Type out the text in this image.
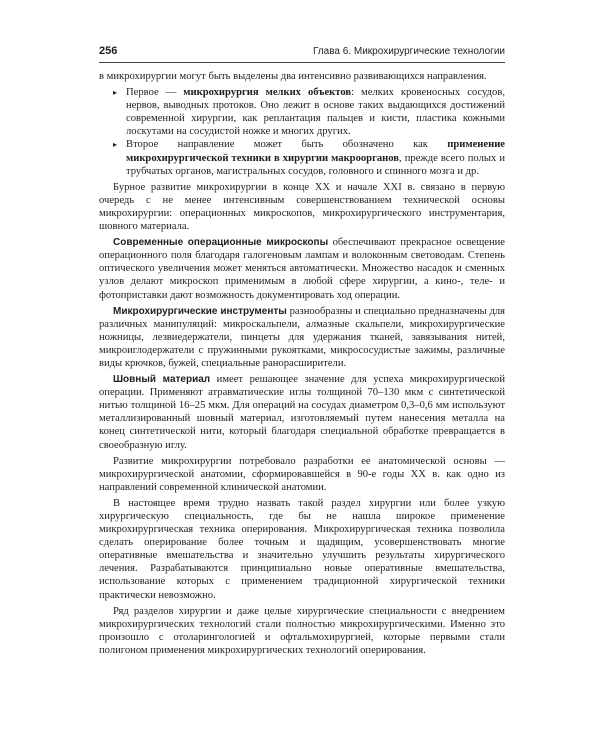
256	Глава 6. Микрохирургические технологии

в микрохирургии могут быть выделены два интенсивно развивающихся направления.

▸ Первое — микрохирургия мелких объектов: мелких кровеносных сосудов, нервов, выводных протоков. Оно лежит в основе таких выдающихся достижений современной хирургии, как реплантация пальцев и кисти, пластика кожными лоскутами на сосудистой ножке и многих других.
▸ Второе направление может быть обозначено как применение микрохирургической техники в хирургии макроорганов, прежде всего полых и трубчатых органов, магистральных сосудов, головного и спинного мозга и др.

Бурное развитие микрохирургии в конце XX и начале XXI в. связано в первую очередь с не менее интенсивным совершенствованием технической основы микрохирургии: операционных микроскопов, микрохирургического инструментария, шовного материала.

Современные операционные микроскопы обеспечивают прекрасное освещение операционного поля благодаря галогеновым лампам и волоконным световодам. Степень оптического увеличения может меняться автоматически. Множество насадок и сменных узлов делают микроскоп применимым в любой сфере хирургии, а кино-, теле- и фотоприставки дают возможность документировать ход операции.

Микрохирургические инструменты разнообразны и специально предназначены для различных манипуляций: микроскальпели, алмазные скальпели, микрохирургические ножницы, лезвиедержатели, пинцеты для удержания тканей, завязывания нитей, микроиглодержатели с пружинными рукоятками, микрососудистые зажимы, различные виды крючков, бужей, специальные ранорасширители.

Шовный материал имеет решающее значение для успеха микрохирургической операции. Применяют атравматические иглы толщиной 70–130 мкм с синтетической нитью толщиной 16–25 мкм. Для операций на сосудах диаметром 0,3–0,6 мм используют металлизированный шовный материал, изготовляемый путем нанесения металла на конец синтетической нити, который благодаря специальной обработке превращается в своеобразную иглу.

Развитие микрохирургии потребовало разработки ее анатомической основы — микрохирургической анатомии, сформировавшейся в 90-е годы XX в. как одно из направлений современной клинической анатомии.

В настоящее время трудно назвать такой раздел хирургии или более узкую хирургическую специальность, где бы не нашла широкое применение микрохирургическая техника оперирования. Микрохирургическая техника позволила сделать оперирование более точным и щадящим, усовершенствовать многие оперативные вмешательства и значительно улучшить результаты хирургического лечения. Разрабатываются принципиально новые оперативные вмешательства, использование которых с применением традиционной хирургической техники практически невозможно.

Ряд разделов хирургии и даже целые хирургические специальности с внедрением микрохирургических технологий стали полностью микрохирургическими. Именно это произошло с отоларингологией и офтальмохирургией, которые первыми стали полигоном применения микрохирургических технологий оперирования.
